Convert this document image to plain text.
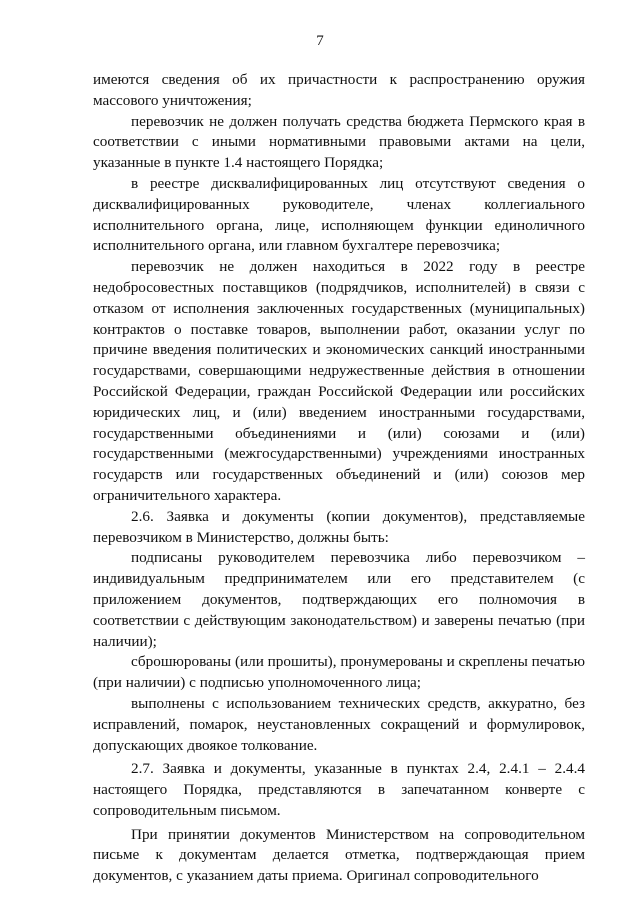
7

имеются сведения об их причастности к распространению оружия массового уничтожения;

перевозчик не должен получать средства бюджета Пермского края в соответствии с иными нормативными правовыми актами на цели, указанные в пункте 1.4 настоящего Порядка;

в реестре дисквалифицированных лиц отсутствуют сведения о дисквалифицированных руководителе, членах коллегиального исполнительного органа, лице, исполняющем функции единоличного исполнительного органа, или главном бухгалтере перевозчика;

перевозчик не должен находиться в 2022 году в реестре недобросовестных поставщиков (подрядчиков, исполнителей) в связи с отказом от исполнения заключенных государственных (муниципальных) контрактов о поставке товаров, выполнении работ, оказании услуг по причине введения политических и экономических санкций иностранными государствами, совершающими недружественные действия в отношении Российской Федерации, граждан Российской Федерации или российских юридических лиц, и (или) введением иностранными государствами, государственными объединениями и (или) союзами и (или) государственными (межгосударственными) учреждениями иностранных государств или государственных объединений и (или) союзов мер ограничительного характера.

2.6. Заявка и документы (копии документов), представляемые перевозчиком в Министерство, должны быть:

подписаны руководителем перевозчика либо перевозчиком – индивидуальным предпринимателем или его представителем (с приложением документов, подтверждающих его полномочия в соответствии с действующим законодательством) и заверены печатью (при наличии);

сброшюрованы (или прошиты), пронумерованы и скреплены печатью (при наличии) с подписью уполномоченного лица;

выполнены с использованием технических средств, аккуратно, без исправлений, помарок, неустановленных сокращений и формулировок, допускающих двоякое толкование.

2.7. Заявка и документы, указанные в пунктах 2.4, 2.4.1 – 2.4.4 настоящего Порядка, представляются в запечатанном конверте с сопроводительным письмом.

При принятии документов Министерством на сопроводительном письме к документам делается отметка, подтверждающая прием документов, с указанием даты приема. Оригинал сопроводительного
